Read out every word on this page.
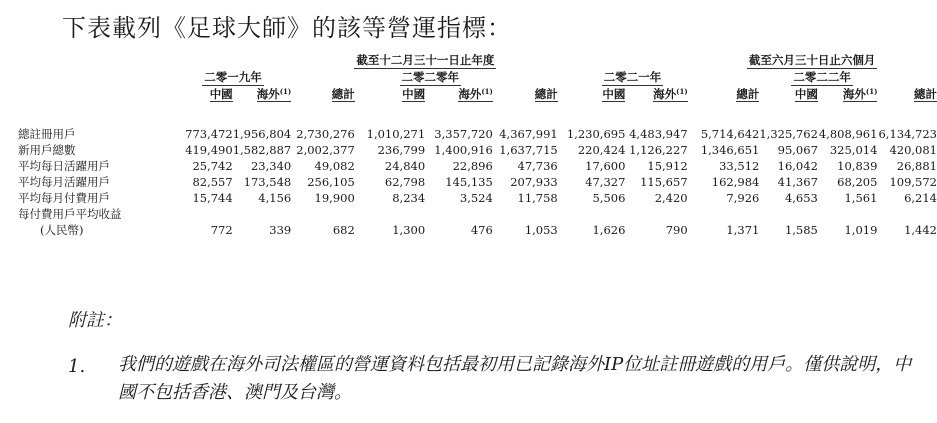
下表載列《足球大師》的該等營運指標：
	截至十二月三十一日止年度								截至六月三十日止六個月			
	二零一九年			二零二零年			二零二一年			二零二二年		
	中國	海外$^{(1)}$	總計	中國	海外$^{(1)}$	總計	中國	海外$^{(1)}$	總計	中國	海外$^{(1)}$	總計

總註冊用戶	773,472	1,956,804	2,730,276	1,010,271	3,357,720	4,367,991	1,230,695	4,483,947	5,714,642	1,325,762	4,808,961	6,134,723
新用戶總數	419,490	1,582,887	2,002,377	236,799	1,400,916	1,637,715	220,424	1,126,227	1,346,651	95,067	325,014	420,081
平均每日活躍用戶	25,742	23,340	49,082	24,840	22,896	47,736	17,600	15,912	33,512	16,042	10,839	26,881
平均每月活躍用戶	82,557	173,548	256,105	62,798	145,135	207,933	47,327	115,657	162,984	41,367	68,205	109,572
平均每月付費用戶	15,744	4,156	19,900	8,234	3,524	11,758	5,506	2,420	7,926	4,653	1,561	6,214
每付費用戶平均收益												
(人民幣)	772	339	682	1,300	476	1,053	1,626	790	1,371	1,585	1,019	1,442
附註：
1. 我們的遊戲在海外司法權區的營運資料包括最初用已記錄海外IP位址註冊遊戲的用戶。僅供說明，中國不包括香港、澳門及台灣。
